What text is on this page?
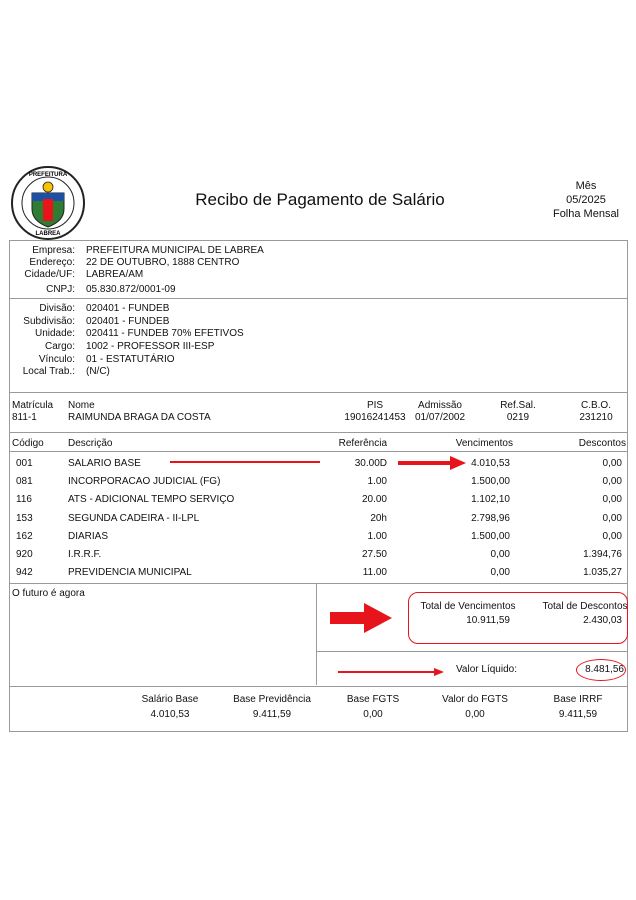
PREFEITURA
LABREA
Recibo de Pagamento de Salário
Mês
05/2025
Folha Mensal
Empresa: PREFEITURA MUNICIPAL DE LABREA
Endereço: 22 DE OUTUBRO, 1888 CENTRO
Cidade/UF: LABREA/AM
CNPJ: 05.830.872/0001-09
Divisão: 020401 - FUNDEB
Subdivisão: 020401 - FUNDEB
Unidade: 020411 - FUNDEB 70% EFETIVOS
Cargo: 1002 - PROFESSOR III-ESP
Vínculo: 01 - ESTATUTÁRIO
Local Trab.: (N/C)
Matrícula
811-1
Nome
RAIMUNDA BRAGA DA COSTA
PIS
19016241453
Admissão
01/07/2002
Ref.Sal.
0219
C.B.O.
231210
Código Descrição	Referência	Vencimentos	Descontos
001	SALARIO BASE	30.00D	4.010,53	0,00
081	INCORPORACAO JUDICIAL (FG)	1.00	1.500,00	0,00
116	ATS - ADICIONAL TEMPO SERVIÇO	20.00	1.102,10	0,00
153	SEGUNDA CADEIRA - II-LPL	20h	2.798,96	0,00
162	DIARIAS	1.00	1.500,00	0,00
920	I.R.R.F.	27.50	0,00	1.394,76
942	PREVIDENCIA MUNICIPAL	11.00	0,00	1.035,27
O futuro é agora
Total de Vencimentos
10.911,59
Total de Descontos
2.430,03
Valor Líquido:	8.481,56
Salário Base
4.010,53
Base Previdência
9.411,59
Base FGTS
0,00
Valor do FGTS
0,00
Base IRRF
9.411,59
